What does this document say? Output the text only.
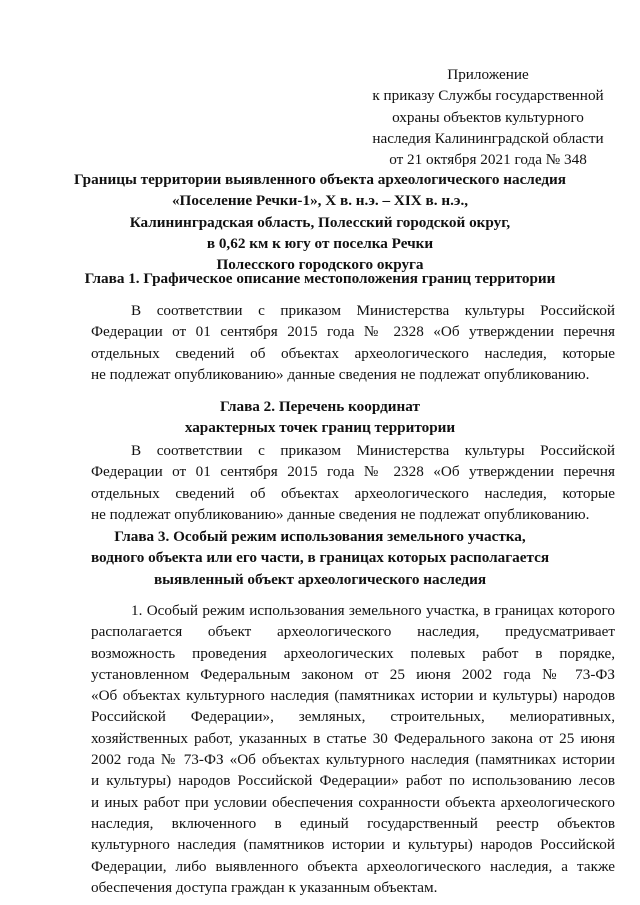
Приложение
к приказу Службы государственной
охраны объектов культурного
наследия Калининградской области
от 21 октября 2021 года № 348
Границы территории выявленного объекта археологического наследия
«Поселение Речки-1», X в. н.э. – XIX в. н.э.,
Калининградская область, Полесский городской округ,
в 0,62 км к югу от поселка Речки
Полесского городского округа
Глава 1. Графическое описание местоположения границ территории
В соответствии с приказом Министерства культуры Российской
Федерации от 01 сентября 2015 года № 2328 «Об утверждении перечня
отдельных сведений об объектах археологического наследия, которые
не подлежат опубликованию» данные сведения не подлежат опубликованию.
Глава 2. Перечень координат
характерных точек границ территории
В соответствии с приказом Министерства культуры Российской
Федерации от 01 сентября 2015 года № 2328 «Об утверждении перечня
отдельных сведений об объектах археологического наследия, которые
не подлежат опубликованию» данные сведения не подлежат опубликованию.
Глава 3. Особый режим использования земельного участка,
водного объекта или его части, в границах которых располагается
выявленный объект археологического наследия
1. Особый режим использования земельного участка, в границах которого
располагается объект археологического наследия, предусматривает
возможность проведения археологических полевых работ в порядке,
установленном Федеральным законом от 25 июня 2002 года № 73-ФЗ
«Об объектах культурного наследия (памятниках истории и культуры) народов
Российской Федерации», земляных, строительных, мелиоративных,
хозяйственных работ, указанных в статье 30 Федерального закона от 25 июня
2002 года № 73-ФЗ «Об объектах культурного наследия (памятниках истории
и культуры) народов Российской Федерации» работ по использованию лесов
и иных работ при условии обеспечения сохранности объекта археологического
наследия, включенного в единый государственный реестр объектов
культурного наследия (памятников истории и культуры) народов Российской
Федерации, либо выявленного объекта археологического наследия, а также
обеспечения доступа граждан к указанным объектам.
